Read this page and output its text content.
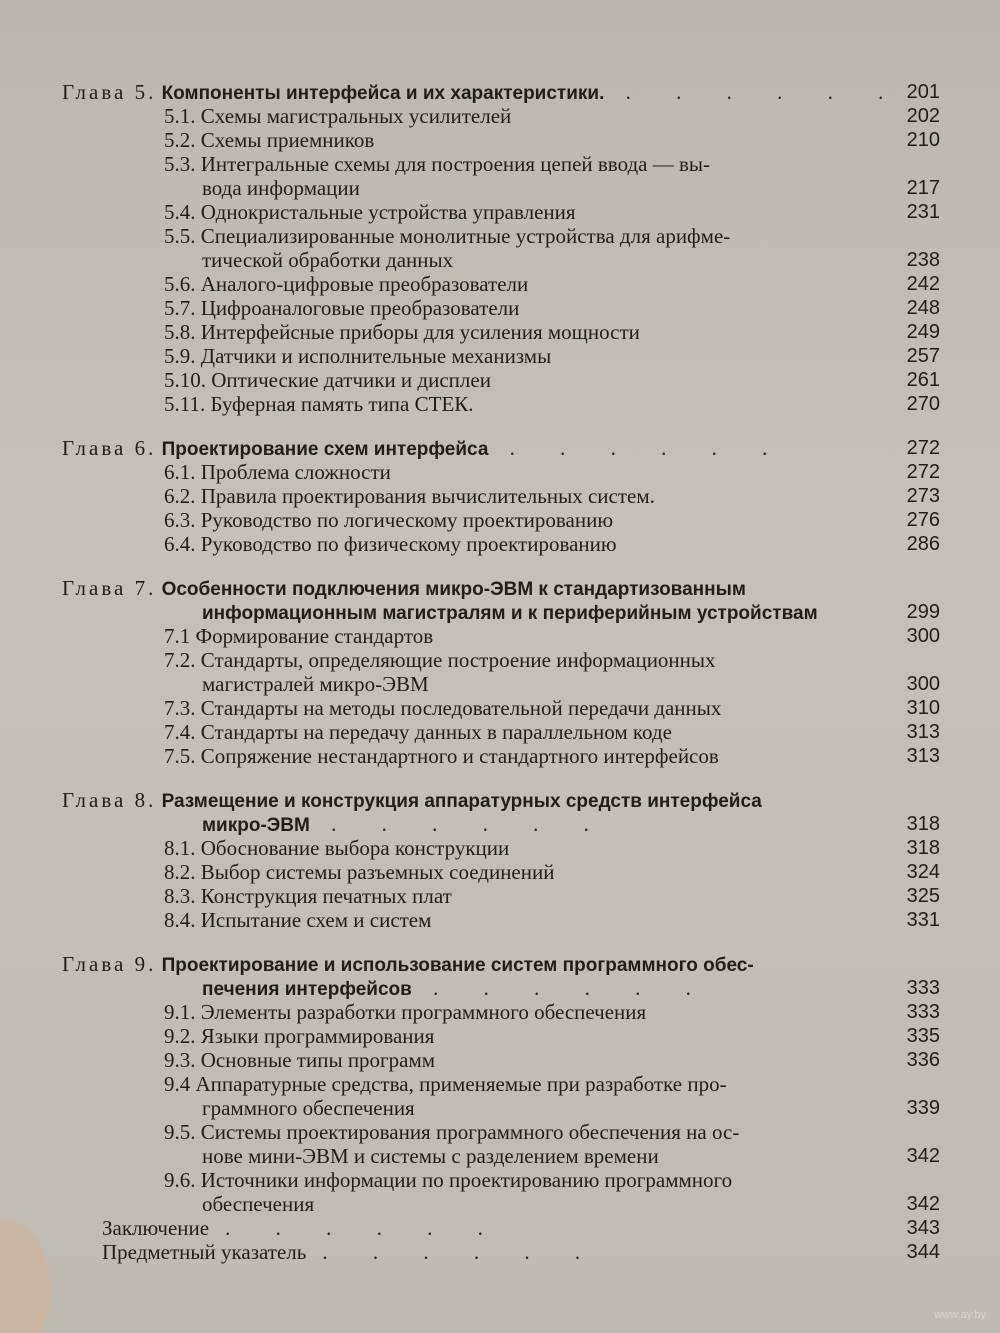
Глава 5. Компоненты интерфейса и их характеристики. . . . . . . 201
5.1. Схемы магистральных усилителей	202
5.2. Схемы приемников	210
5.3. Интегральные схемы для построения цепей ввода — вы-
вода информации	217
5.4. Однокристальные устройства управления	231
5.5. Специализированные монолитные устройства для арифме-
тической обработки данных	238
5.6. Аналого-цифровые преобразователи	242
5.7. Цифроаналоговые преобразователи	248
5.8. Интерфейсные приборы для усиления мощности	249
5.9. Датчики и исполнительные механизмы	257
5.10. Оптические датчики и дисплеи	261
5.11. Буферная память типа СТЕК.	270
Глава 6. Проектирование схем интерфейса . . . . . .	272
6.1. Проблема сложности	272
6.2. Правила проектирования вычислительных систем.	273
6.3. Руководство по логическому проектированию	276
6.4. Руководство по физическому проектированию	286
Глава 7. Особенности подключения микро-ЭВМ к стандартизованным
информационным магистралям и к периферийным устройствам	299
7.1 Формирование стандартов	300
7.2. Стандарты, определяющие построение информационных
магистралей микро-ЭВМ	300
7.3. Стандарты на методы последовательной передачи данных	310
7.4. Стандарты на передачу данных в параллельном коде	313
7.5. Сопряжение нестандартного и стандартного интерфейсов	313
Глава 8. Размещение и конструкция аппаратурных средств интерфейса
микро-ЭВМ . . . . . .	318
8.1. Обоснование выбора конструкции	318
8.2. Выбор системы разъемных соединений	324
8.3. Конструкция печатных плат	325
8.4. Испытание схем и систем	331
Глава 9. Проектирование и использование систем программного обес-
печения интерфейсов . . . . . .	333
9.1. Элементы разработки программного обеспечения	333
9.2. Языки программирования	335
9.3. Основные типы программ	336
9.4 Аппаратурные средства, применяемые при разработке про-
граммного обеспечения	339
9.5. Системы проектирования программного обеспечения на ос-
нове мини-ЭВМ и системы с разделением времени	342
9.6. Источники информации по проектированию программного
обеспечения	342
Заключение . . . . . .	343
Предметный указатель . . . . . .	344
www.ay.by
